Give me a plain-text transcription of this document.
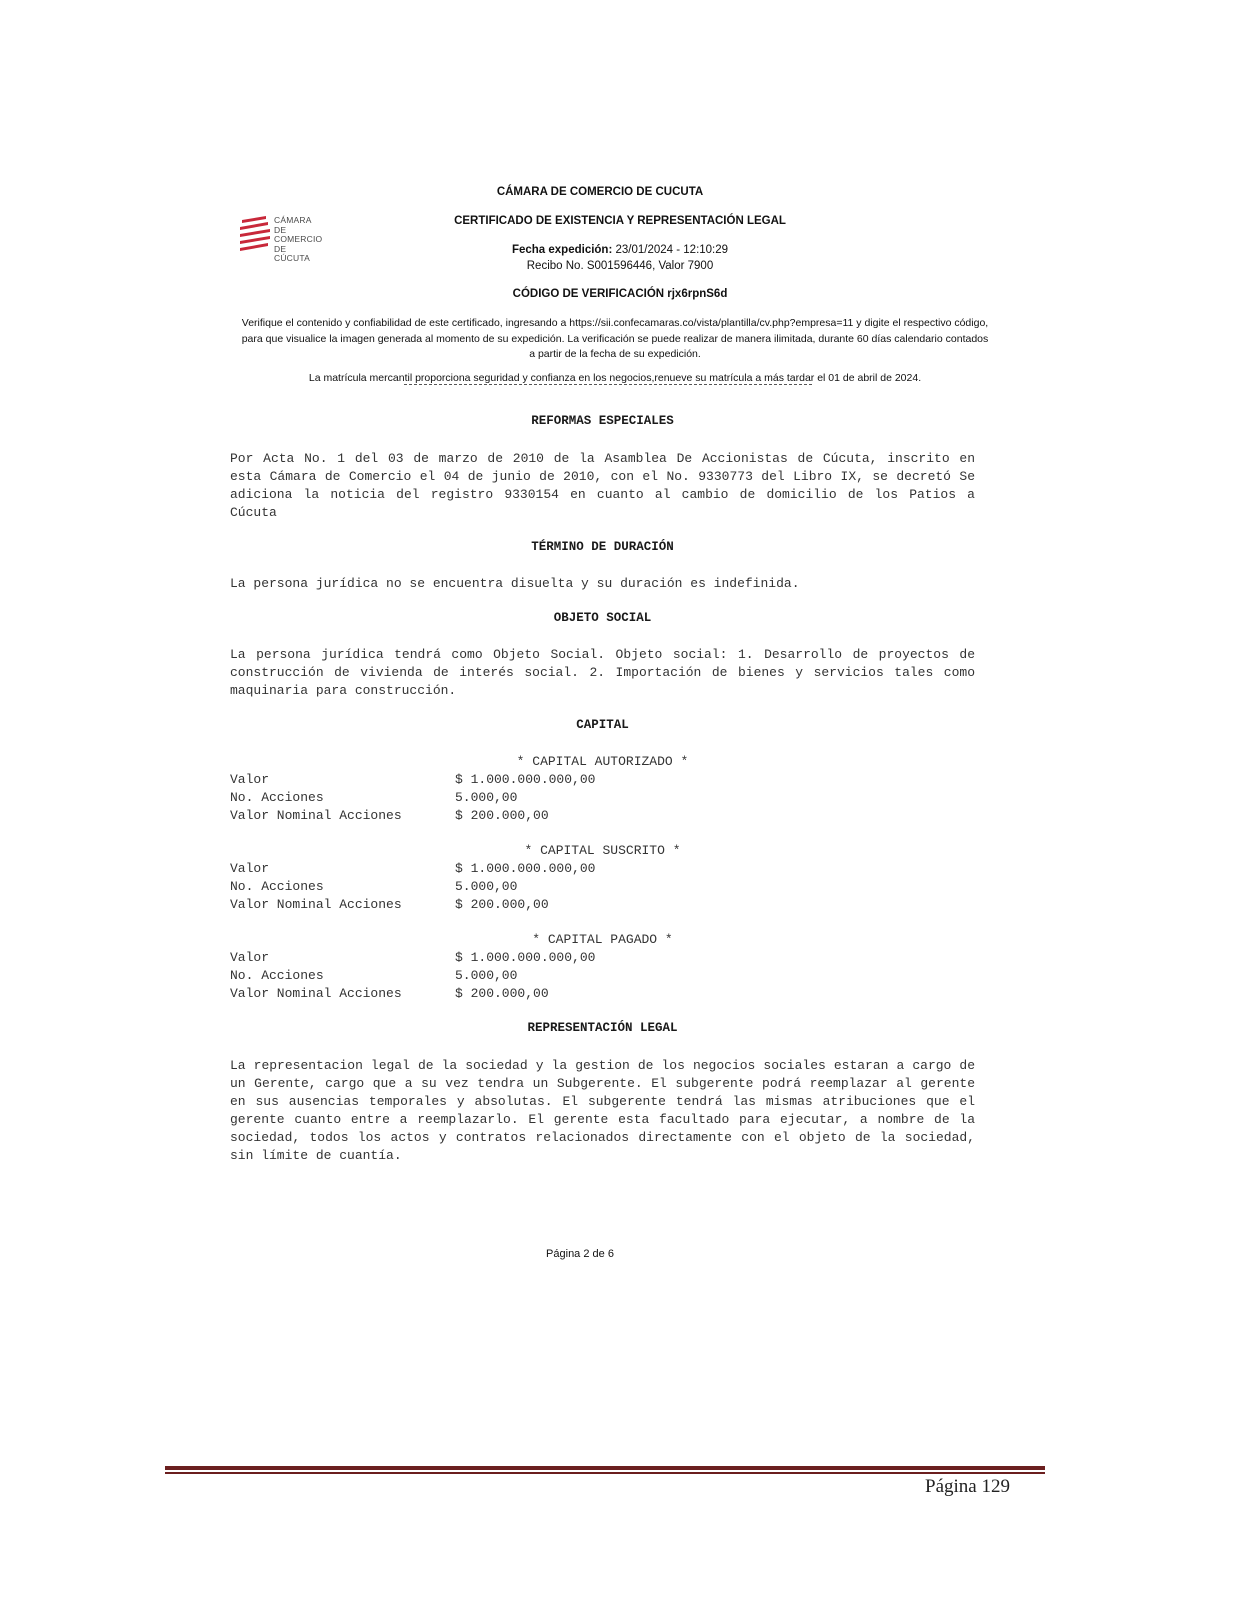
CÁMARA DE
COMERCIO
DE CÚCUTA
CÁMARA DE COMERCIO DE CUCUTA
CERTIFICADO DE EXISTENCIA Y REPRESENTACIÓN LEGAL
Fecha expedición: 23/01/2024 - 12:10:29
Recibo No. S001596446, Valor 7900
CÓDIGO DE VERIFICACIÓN rjx6rpnS6d
Verifique el contenido y confiabilidad de este certificado, ingresando a https://sii.confecamaras.co/vista/plantilla/cv.php?empresa=11 y digite el respectivo código, para que visualice la imagen generada al momento de su expedición. La verificación se puede realizar de manera ilimitada, durante 60 días calendario contados a partir de la fecha de su expedición.
La matrícula mercantil proporciona seguridad y confianza en los negocios,renueve su matrícula a más tardar el 01 de abril de 2024.
REFORMAS ESPECIALES

Por Acta No. 1 del 03 de marzo de 2010 de la Asamblea De Accionistas de Cúcuta, inscrito en esta Cámara de Comercio el 04 de junio de 2010, con el No. 9330773 del Libro IX, se decretó Se adiciona la noticia del registro 9330154 en cuanto al cambio de domicilio de los Patios a Cúcuta

TÉRMINO DE DURACIÓN

La persona jurídica no se encuentra disuelta y su duración es indefinida.

OBJETO SOCIAL

La persona jurídica tendrá como Objeto Social. Objeto social: 1. Desarrollo de proyectos de construcción de vivienda de interés social. 2. Importación de bienes y servicios tales como maquinaria para construcción.

CAPITAL
* CAPITAL AUTORIZADO *
Valor	$ 1.000.000.000,00
No. Acciones	5.000,00
Valor Nominal Acciones	$ 200.000,00
* CAPITAL SUSCRITO *
Valor	$ 1.000.000.000,00
No. Acciones	5.000,00
Valor Nominal Acciones	$ 200.000,00
* CAPITAL PAGADO *
Valor	$ 1.000.000.000,00
No. Acciones	5.000,00
Valor Nominal Acciones	$ 200.000,00
REPRESENTACIÓN LEGAL

La representacion legal de la sociedad y la gestion de los negocios sociales estaran a cargo de un Gerente, cargo que a su vez tendra un Subgerente. El subgerente podrá reemplazar al gerente en sus ausencias temporales y absolutas. El subgerente tendrá las mismas atribuciones que el gerente cuanto entre a reemplazarlo. El gerente esta facultado para ejecutar, a nombre de la sociedad, todos los actos y contratos relacionados directamente con el objeto de la sociedad, sin límite de cuantía.

Página 2 de 6
Página 129
